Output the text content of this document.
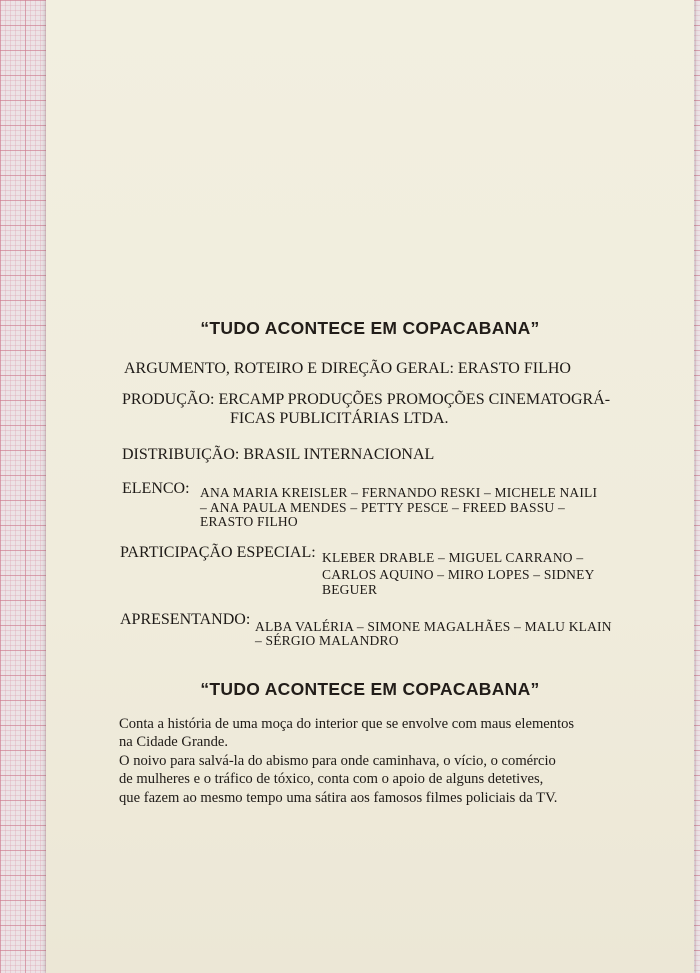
“TUDO ACONTECE EM COPACABANA”
ARGUMENTO, ROTEIRO E DIREÇÃO GERAL: ERASTO FILHO
PRODUÇÃO: ERCAMP PRODUÇÕES PROMOÇÕES CINEMATOGRÁ-
FICAS PUBLICITÁRIAS LTDA.
DISTRIBUIÇÃO: BRASIL INTERNACIONAL
ELENCO: ANA MARIA KREISLER – FERNANDO RESKI – MICHELE NAILI
– ANA PAULA MENDES – PETTY PESCE – FREED BASSU –
ERASTO FILHO
PARTICIPAÇÃO ESPECIAL: KLEBER DRABLE – MIGUEL CARRANO –
CARLOS AQUINO – MIRO LOPES – SIDNEY
BEGUER
APRESENTANDO: ALBA VALÉRIA – SIMONE MAGALHÃES – MALU KLAIN
– SÉRGIO MALANDRO
“TUDO ACONTECE EM COPACABANA”
Conta a história de uma moça do interior que se envolve com maus elementos
na Cidade Grande.
O noivo para salvá-la do abismo para onde caminhava, o vício, o comércio
de mulheres e o tráfico de tóxico, conta com o apoio de alguns detetives,
que fazem ao mesmo tempo uma sátira aos famosos filmes policiais da TV.
